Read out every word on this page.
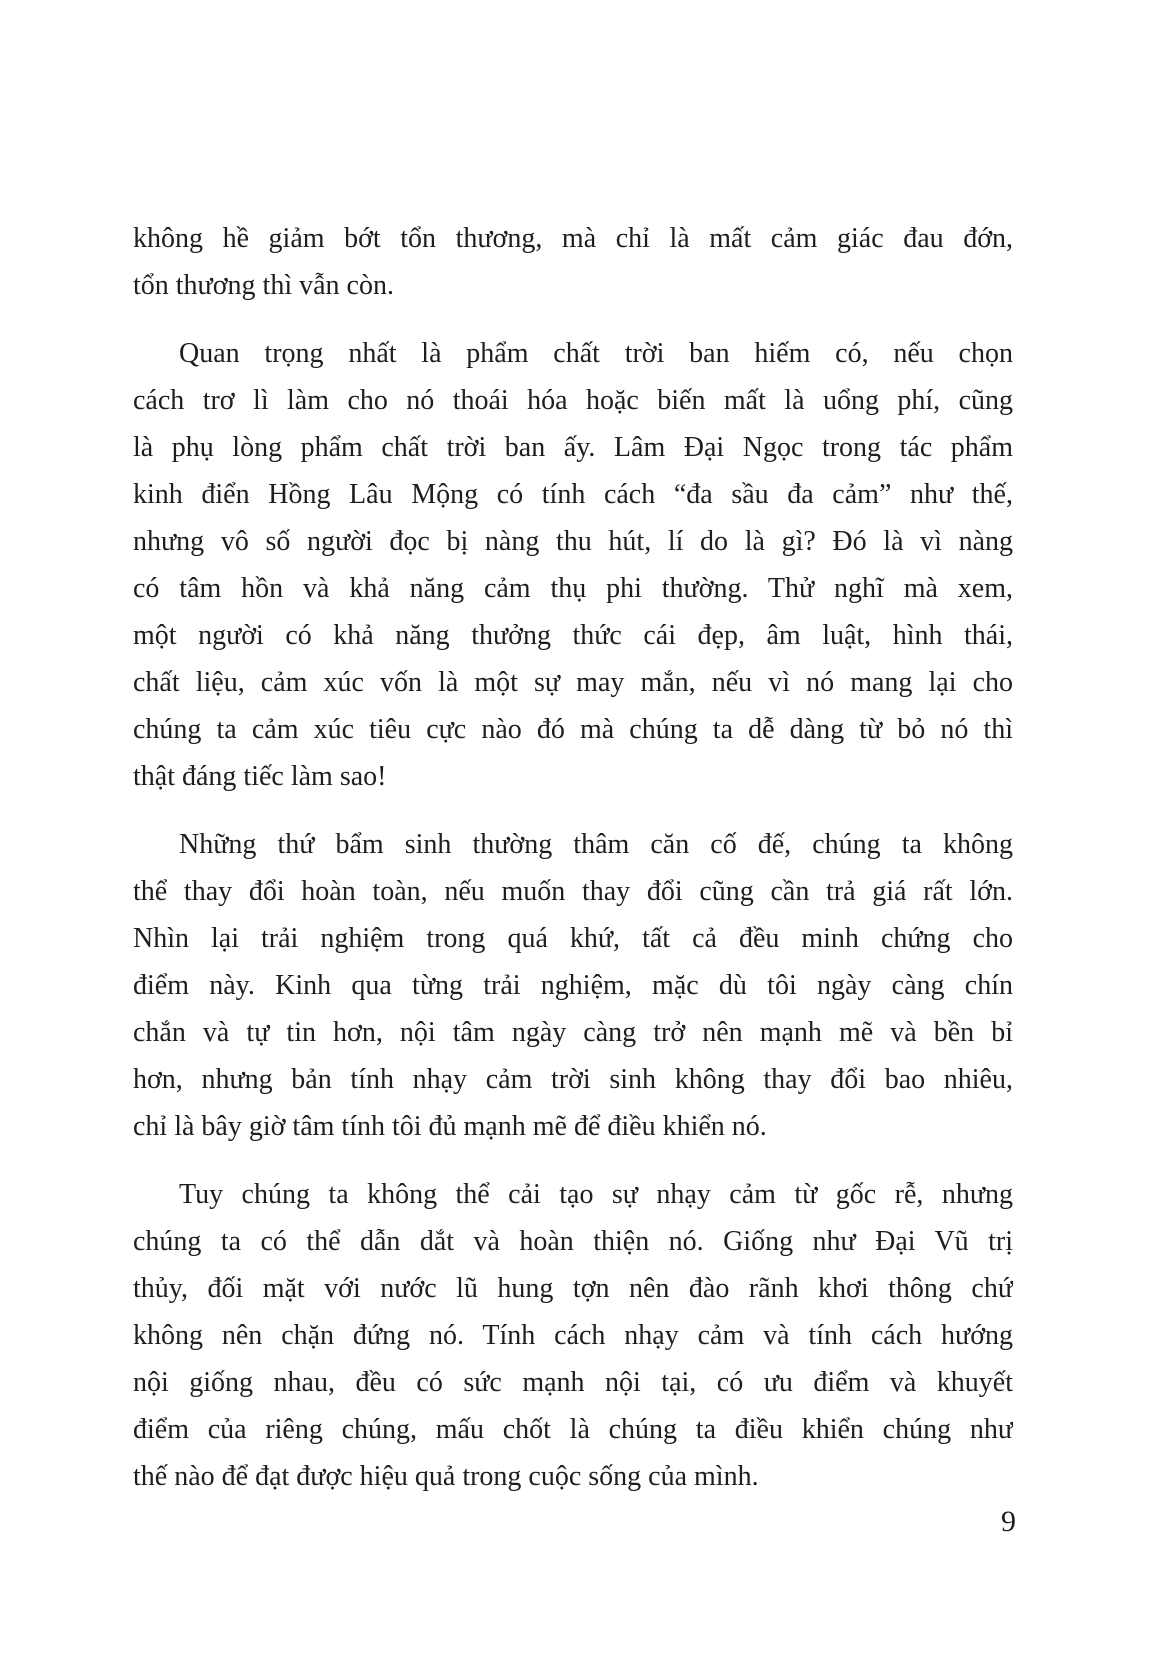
không hề giảm bớt tổn thương, mà chỉ là mất cảm giác đau đớn,
tổn thương thì vẫn còn.
Quan trọng nhất là phẩm chất trời ban hiếm có, nếu chọn
cách trơ lì làm cho nó thoái hóa hoặc biến mất là uổng phí, cũng
là phụ lòng phẩm chất trời ban ấy. Lâm Đại Ngọc trong tác phẩm
kinh điển Hồng Lâu Mộng có tính cách “đa sầu đa cảm” như thế,
nhưng vô số người đọc bị nàng thu hút, lí do là gì? Đó là vì nàng
có tâm hồn và khả năng cảm thụ phi thường. Thử nghĩ mà xem,
một người có khả năng thưởng thức cái đẹp, âm luật, hình thái,
chất liệu, cảm xúc vốn là một sự may mắn, nếu vì nó mang lại cho
chúng ta cảm xúc tiêu cực nào đó mà chúng ta dễ dàng từ bỏ nó thì
thật đáng tiếc làm sao!
Những thứ bẩm sinh thường thâm căn cố đế, chúng ta không
thể thay đổi hoàn toàn, nếu muốn thay đổi cũng cần trả giá rất lớn.
Nhìn lại trải nghiệm trong quá khứ, tất cả đều minh chứng cho
điểm này. Kinh qua từng trải nghiệm, mặc dù tôi ngày càng chín
chắn và tự tin hơn, nội tâm ngày càng trở nên mạnh mẽ và bền bỉ
hơn, nhưng bản tính nhạy cảm trời sinh không thay đổi bao nhiêu,
chỉ là bây giờ tâm tính tôi đủ mạnh mẽ để điều khiển nó.
Tuy chúng ta không thể cải tạo sự nhạy cảm từ gốc rễ, nhưng
chúng ta có thể dẫn dắt và hoàn thiện nó. Giống như Đại Vũ trị
thủy, đối mặt với nước lũ hung tợn nên đào rãnh khơi thông chứ
không nên chặn đứng nó. Tính cách nhạy cảm và tính cách hướng
nội giống nhau, đều có sức mạnh nội tại, có ưu điểm và khuyết
điểm của riêng chúng, mấu chốt là chúng ta điều khiển chúng như
thế nào để đạt được hiệu quả trong cuộc sống của mình.
9
